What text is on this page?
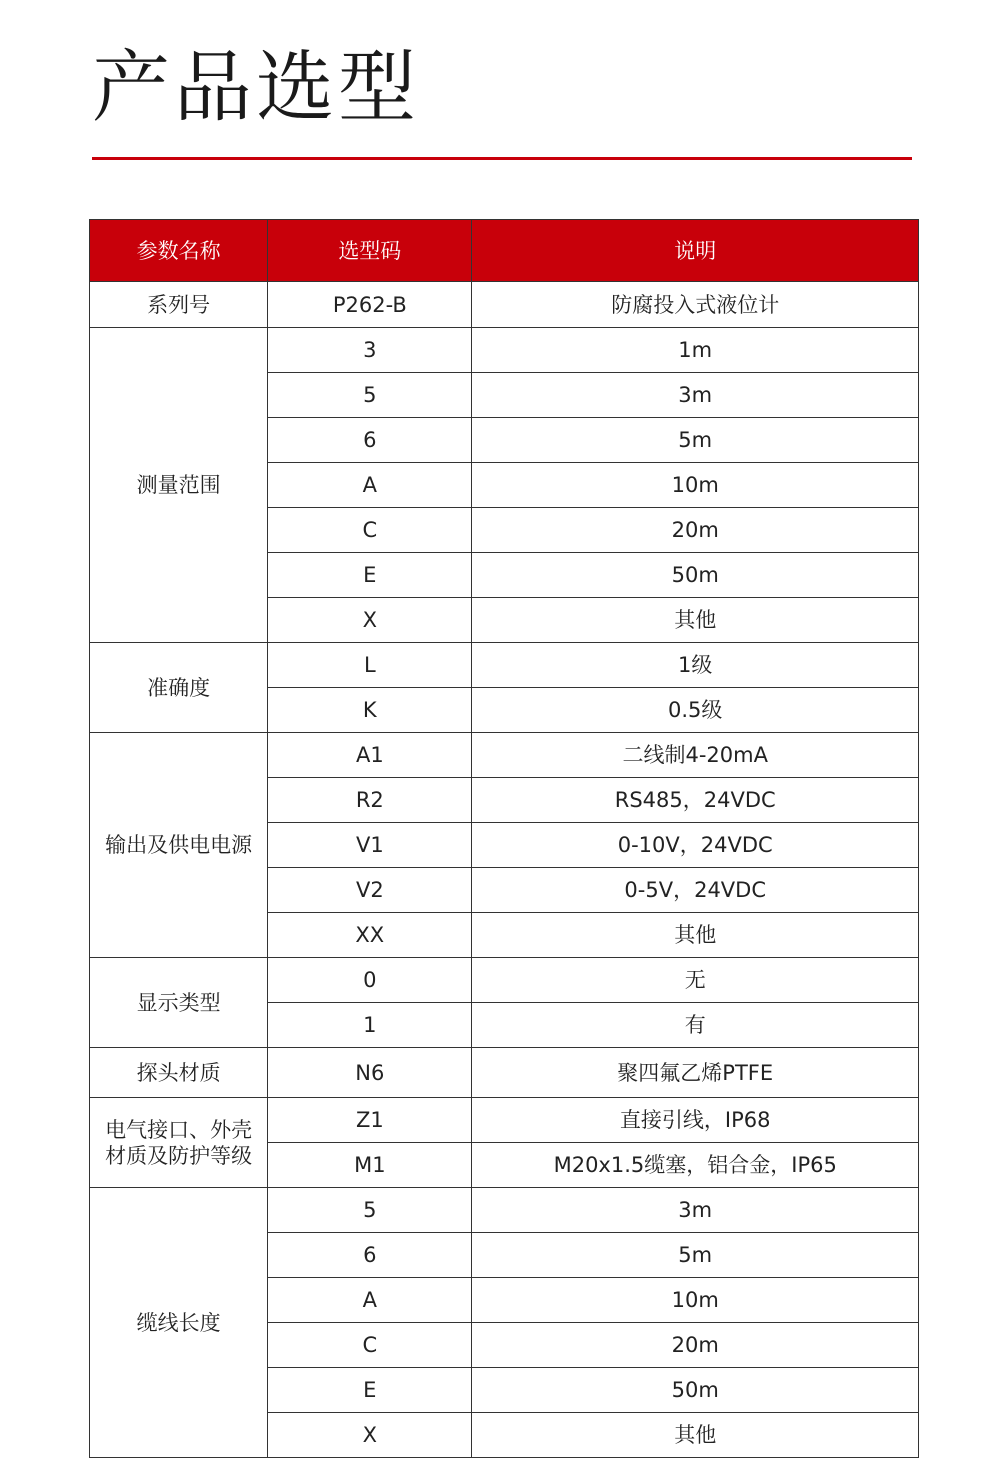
产品选型
参数名称	选型码	说明
系列号	P262-B	防腐投入式液位计
测量范围	3	1m
	5	3m
	6	5m
	A	10m
	C	20m
	E	50m
	X	其他
准确度	L	1级
	K	0.5级
输出及供电电源	A1	二线制4-20mA
	R2	RS485，24VDC
	V1	0-10V，24VDC
	V2	0-5V，24VDC
	XX	其他
显示类型	0	无
	1	有
探头材质	N6	聚四氟乙烯PTFE

电气接口、外壳
材质及防护等级	Z1	直接引线，IP68
	M1	M20x1.5缆塞，铝合金，IP65
缆线长度	5	3m
	6	5m
	A	10m
	C	20m
	E	50m
	X	其他
